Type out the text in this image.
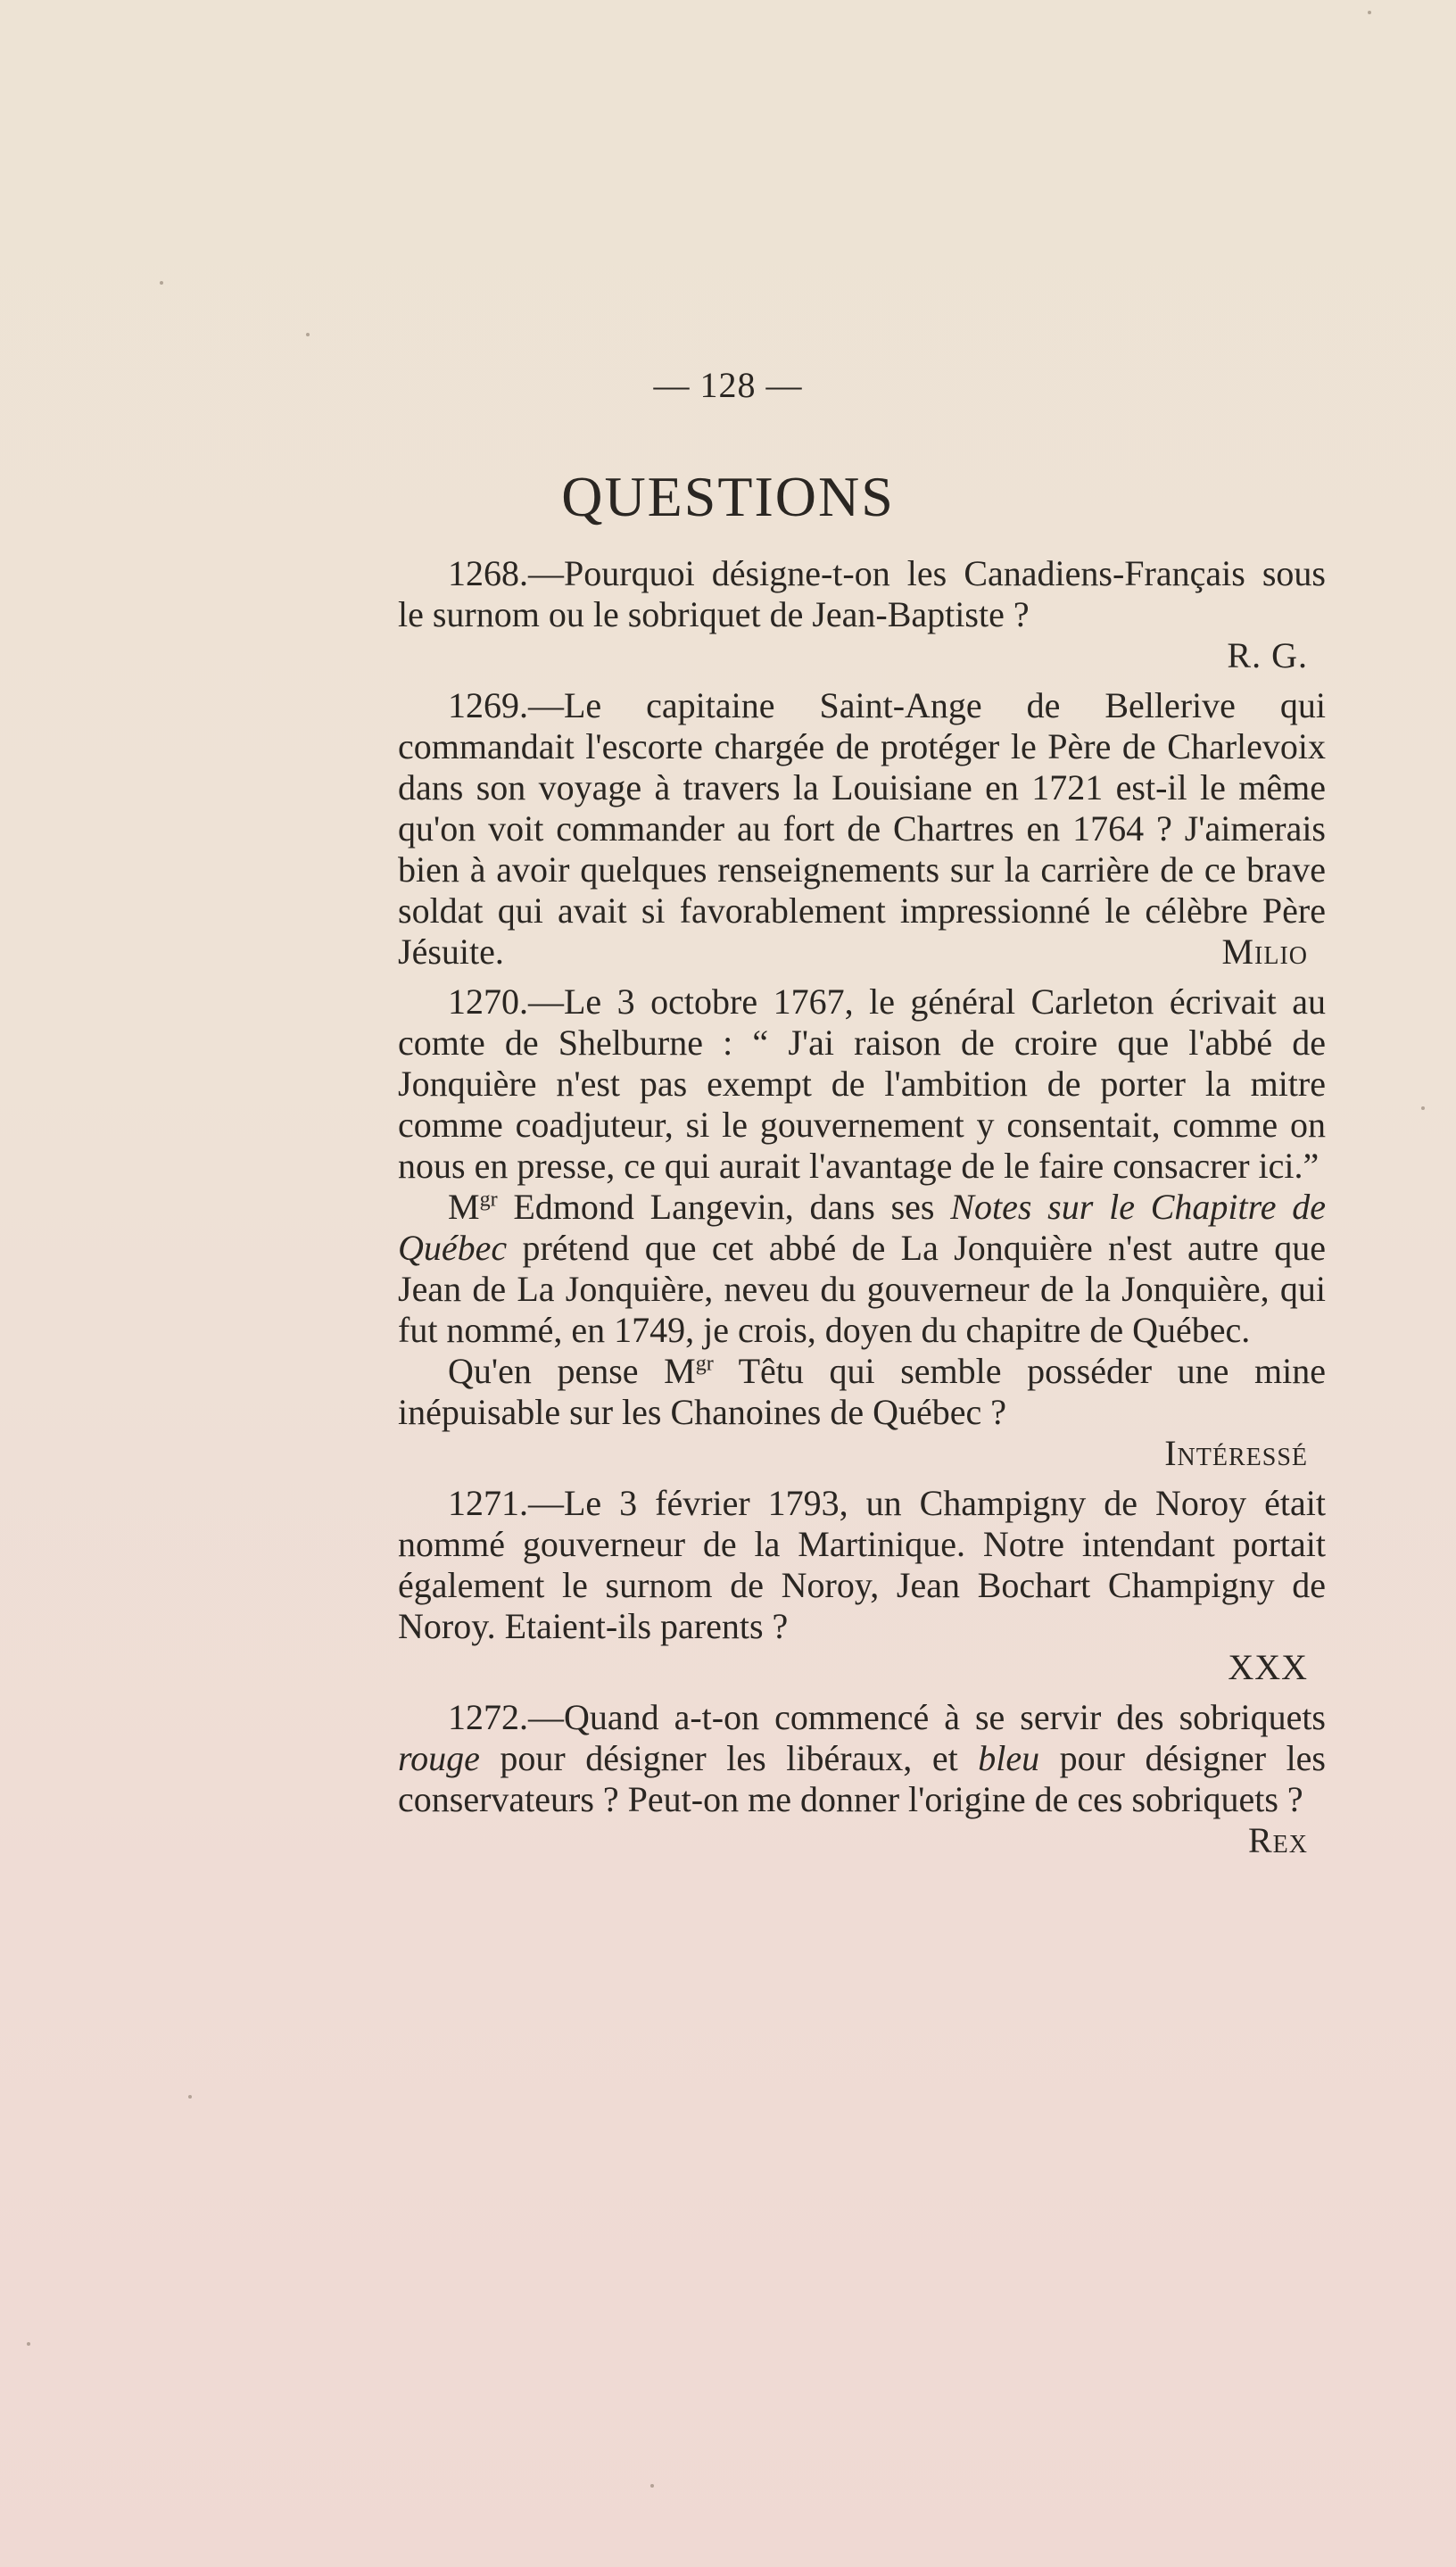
— 128 —
QUESTIONS

1268.—Pourquoi désigne-t-on les Canadiens-Français sous le surnom ou le sobriquet de Jean-Baptiste ?

R. G.

1269.—Le capitaine Saint-Ange de Bellerive qui commandait l'escorte chargée de protéger le Père de Charlevoix dans son voyage à travers la Louisiane en 1721 est-il le même qu'on voit commander au fort de Chartres en 1764 ? J'aimerais bien à avoir quelques renseignements sur la carrière de ce brave soldat qui avait si favorablement impressionné le célèbre Père Jésuite.	Milio

1270.—Le 3 octobre 1767, le général Carleton écrivait au comte de Shelburne : “ J'ai raison de croire que l'abbé de Jonquière n'est pas exempt de l'ambition de porter la mitre comme coadjuteur, si le gouvernement y consentait, comme on nous en presse, ce qui aurait l'avantage de le faire consacrer ici.”

$M^{gr}$ Edmond Langevin, dans ses Notes sur le Chapitre de Québec prétend que cet abbé de La Jonquière n'est autre que Jean de La Jonquière, neveu du gouverneur de la Jonquière, qui fut nommé, en 1749, je crois, doyen du chapitre de Québec.

Qu'en pense $M^{gr}$ Têtu qui semble posséder une mine inépuisable sur les Chanoines de Québec ?

Intéressé

1271.—Le 3 février 1793, un Champigny de Noroy était nommé gouverneur de la Martinique. Notre intendant portait également le surnom de Noroy, Jean Bochart Champigny de Noroy. Etaient-ils parents ?

XXX

1272.—Quand a-t-on commencé à se servir des sobriquets rouge pour désigner les libéraux, et bleu pour désigner les conservateurs ? Peut-on me donner l'origine de ces sobriquets ?
Rex
